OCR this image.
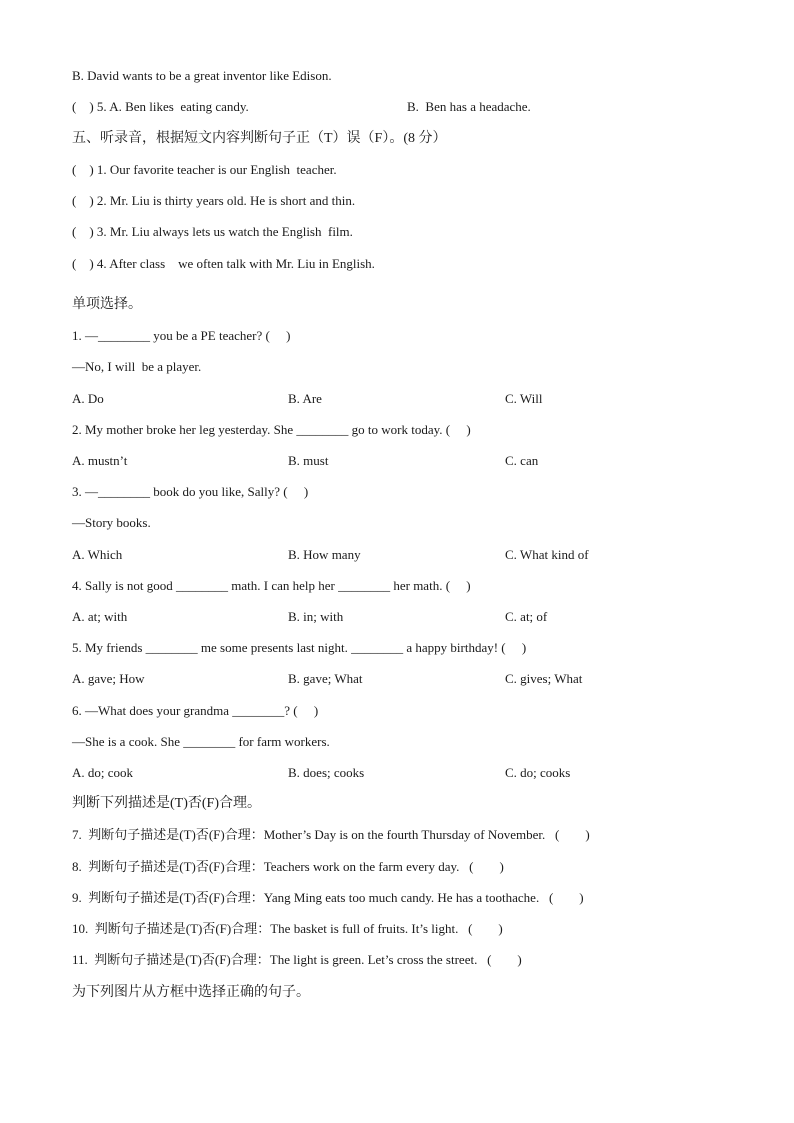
B. David wants to be a great inventor like Edison.
(    ) 5. A. Ben likes  eating candy.	B.  Ben has a headache.
五、听录音，根据短文内容判断句子正（T）误（F）。(8 分）
(    ) 1. Our favorite teacher is our English  teacher.
(    ) 2. Mr. Liu is thirty years old. He is short and thin.
(    ) 3. Mr. Liu always lets us watch the English  film.
(    ) 4. After class    we often talk with Mr. Liu in English.
单项选择。
1. —________ you be a PE teacher? (     )
—No, I will  be a player.
A. Do	B. Are	C. Will
2. My mother broke her leg yesterday. She ________ go to work today. (     )
A. mustn’t	B. must	C. can
3. —________ book do you like, Sally? (     )
—Story books.
A. Which	B. How many	C. What kind of
4. Sally is not good ________ math. I can help her ________ her math. (     )
A. at; with	B. in; with	C. at; of
5. My friends ________ me some presents last night. ________ a happy birthday! (     )
A. gave; How	B. gave; What	C. gives; What
6. —What does your grandma ________? (     )
—She is a cook. She ________ for farm workers.
A. do; cook	B. does; cooks	C. do; cooks
判断下列描述是(T)否(F)合理。
7.  判断句子描述是(T)否(F)合理：Mother’s Day is on the fourth Thursday of November.   (        )
8.  判断句子描述是(T)否(F)合理：Teachers work on the farm every day.   (        )
9.  判断句子描述是(T)否(F)合理：Yang Ming eats too much candy. He has a toothache.   (        )
10.  判断句子描述是(T)否(F)合理：The basket is full of fruits. It’s light.   (        )
11.  判断句子描述是(T)否(F)合理：The light is green. Let’s cross the street.   (        )
为下列图片从方框中选择正确的句子。
